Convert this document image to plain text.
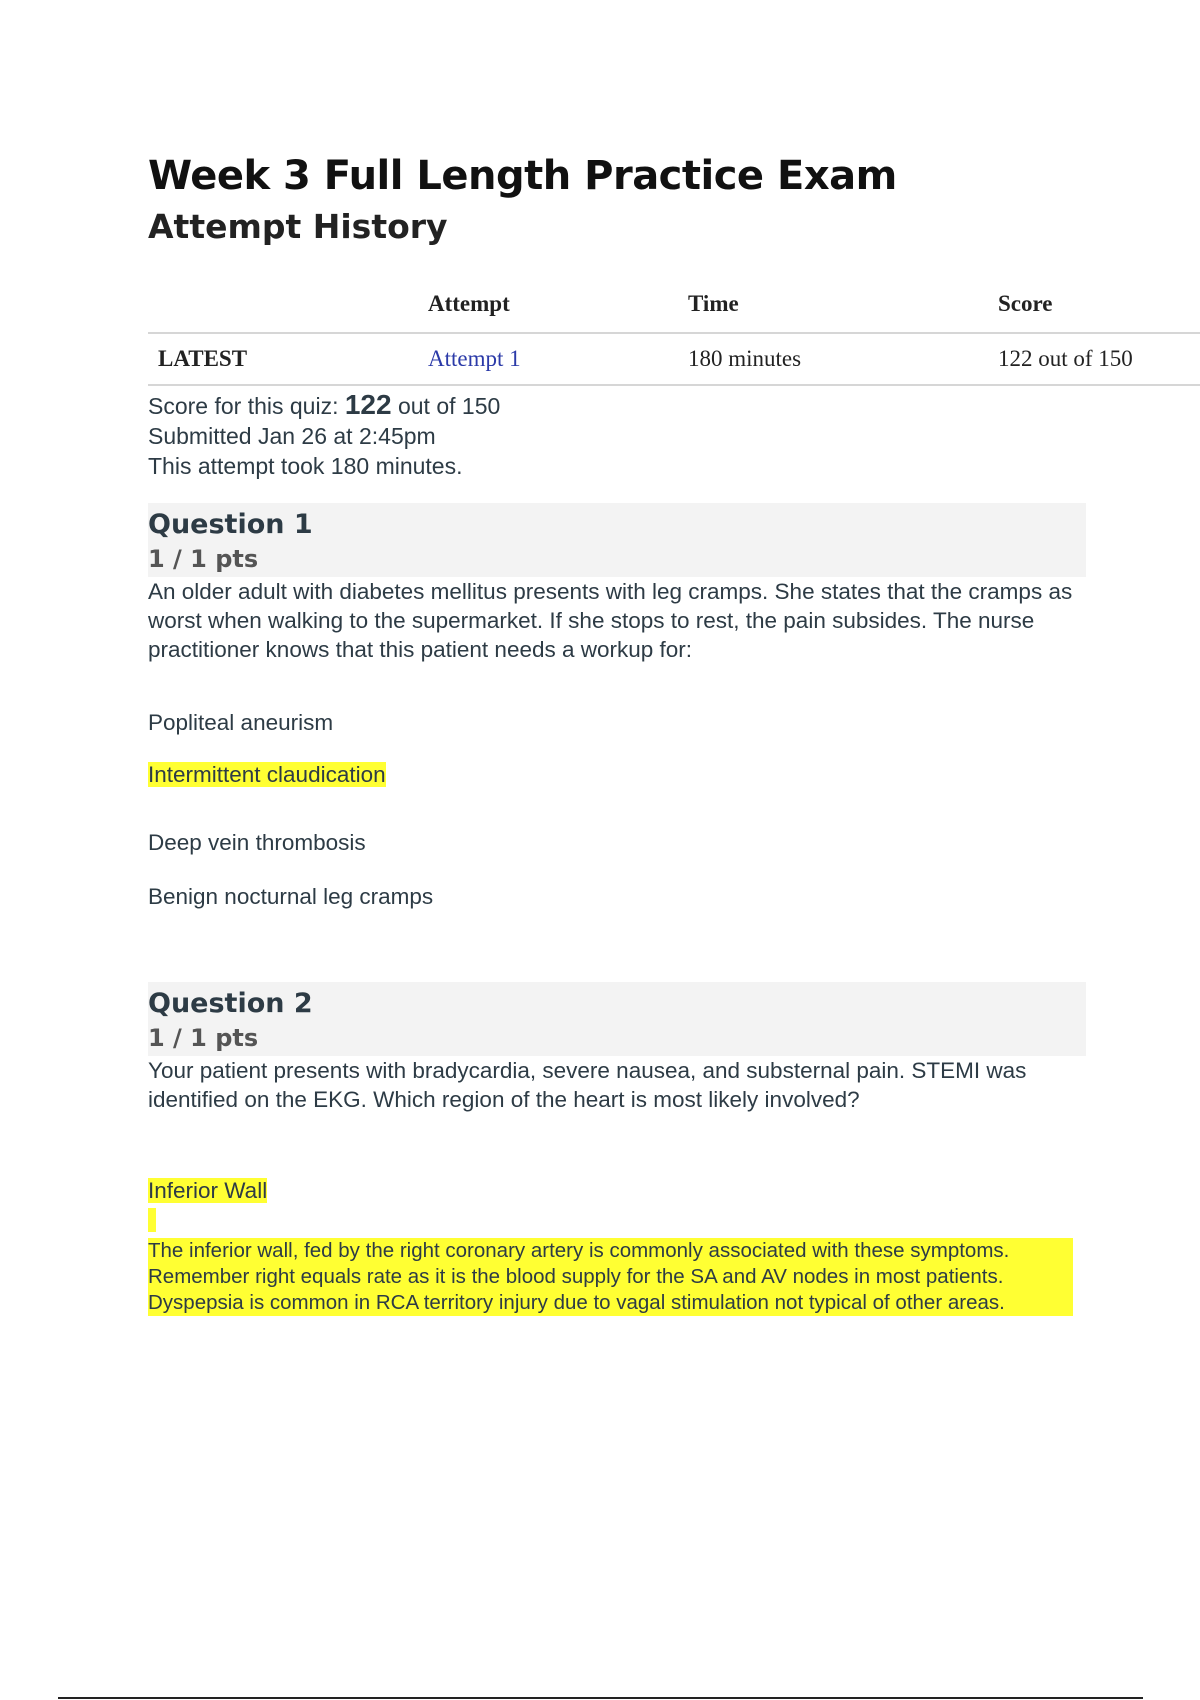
Week 3 Full Length Practice Exam
Attempt History
	Attempt	Time	Score
LATEST	Attempt 1	180 minutes	122 out of 150
Score for this quiz: 122 out of 150
Submitted Jan 26 at 2:45pm
This attempt took 180 minutes.

Question 1

1 / 1 pts

An older adult with diabetes mellitus presents with leg cramps. She states that the cramps as worst when walking to the supermarket. If she stops to rest, the pain subsides. The nurse practitioner knows that this patient needs a workup for:

Popliteal aneurism

Intermittent claudication

Deep vein thrombosis

Benign nocturnal leg cramps

Question 2

1 / 1 pts

Your patient presents with bradycardia, severe nausea, and substernal pain. STEMI was identified on the EKG. Which region of the heart is most likely involved?

Inferior Wall

The inferior wall, fed by the right coronary artery is commonly associated with these symptoms. Remember right equals rate as it is the blood supply for the SA and AV nodes in most patients. Dyspepsia is common in RCA territory injury due to vagal stimulation not typical of other areas.
